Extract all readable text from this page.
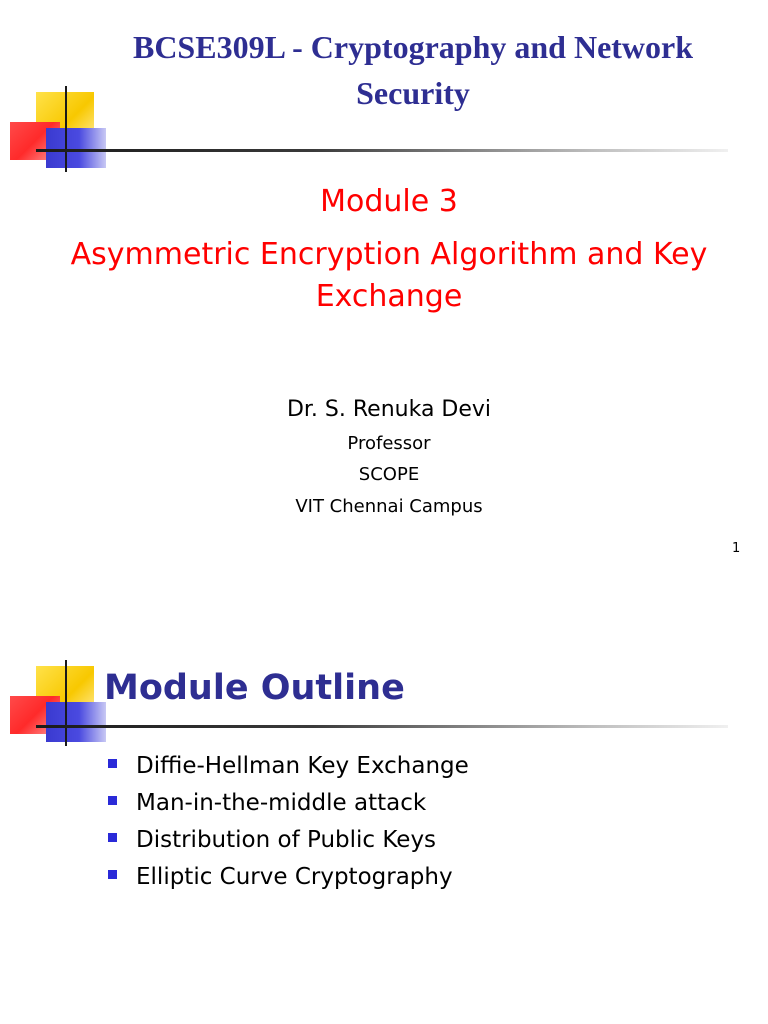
BCSE309L - Cryptography and Network Security
Module 3
Asymmetric Encryption Algorithm and Key Exchange
Dr. S. Renuka Devi
Professor
SCOPE
VIT Chennai Campus
1
Module Outline
Diffie-Hellman Key Exchange
Man-in-the-middle attack
Distribution of Public Keys
Elliptic Curve Cryptography
